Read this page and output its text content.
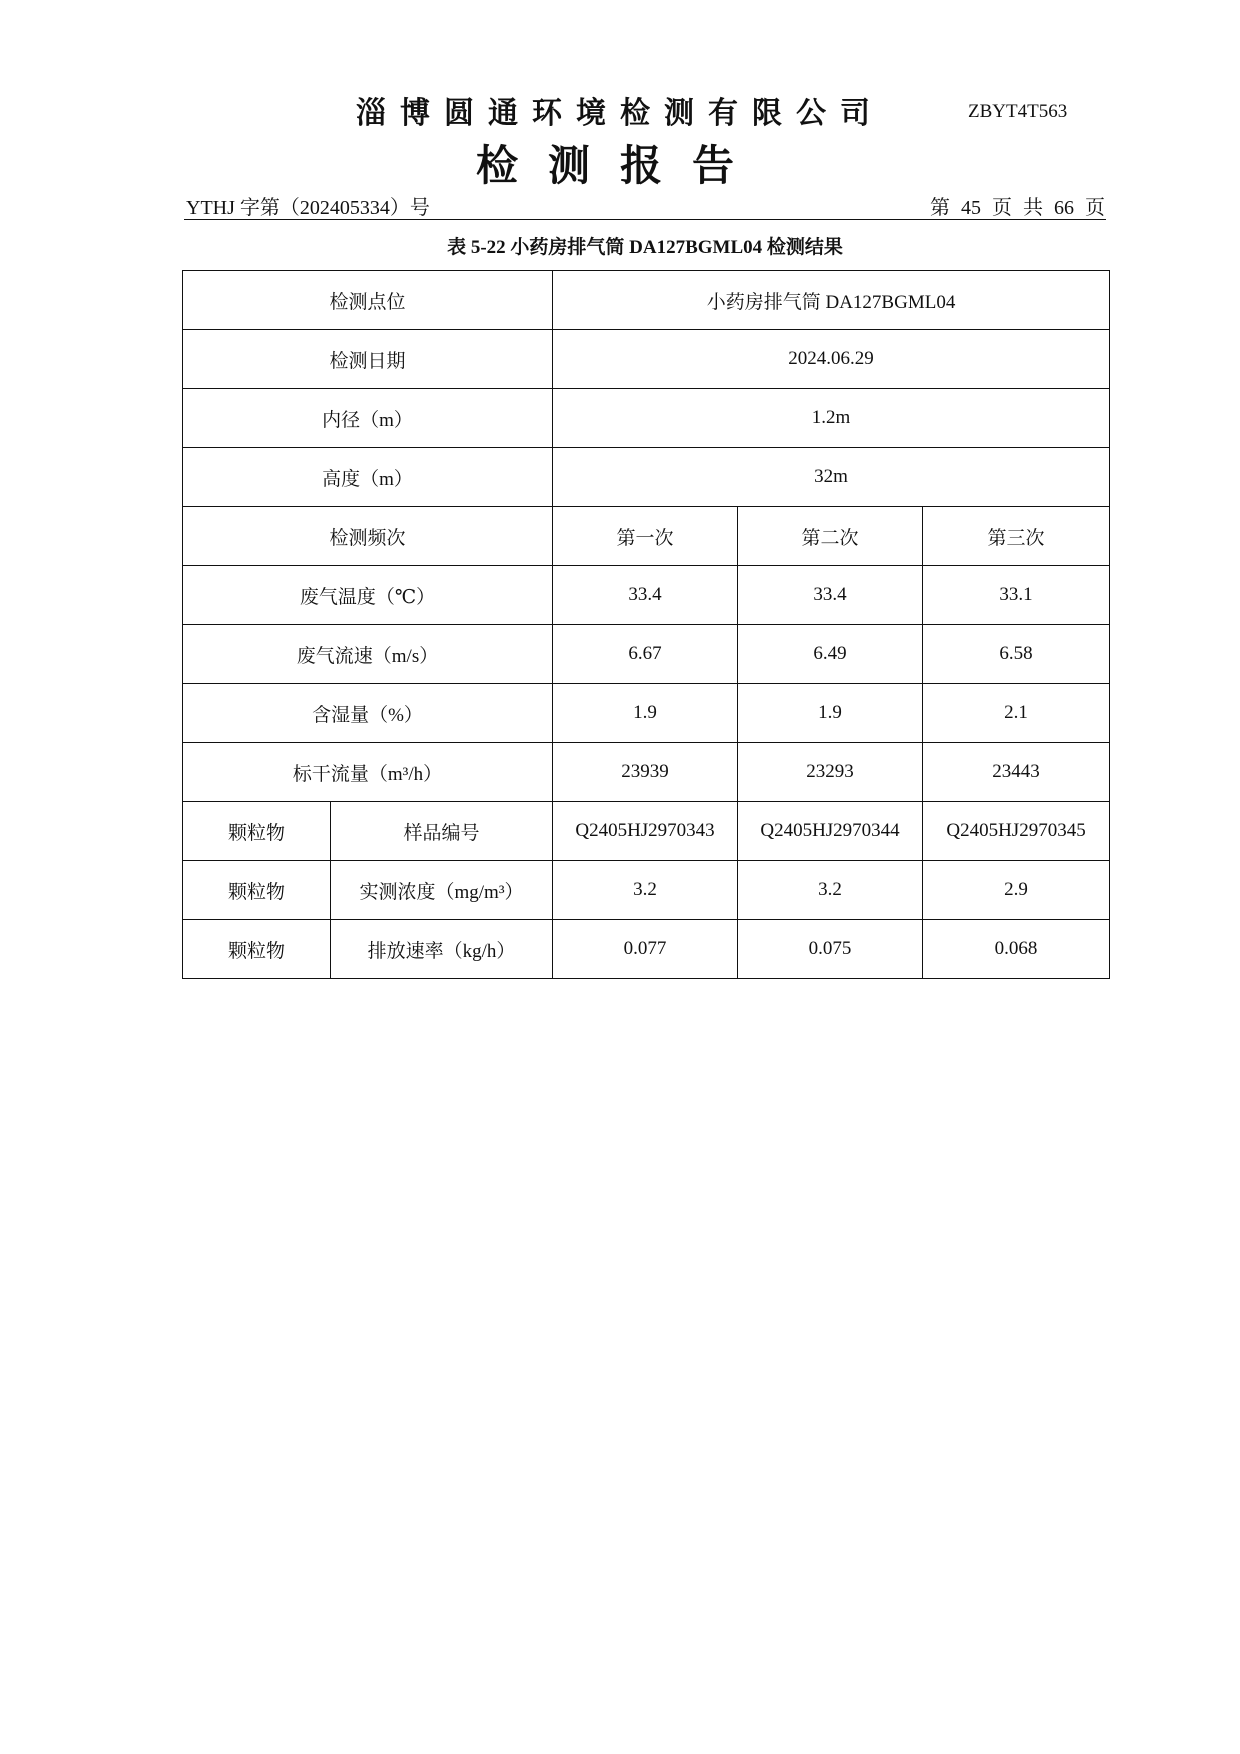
淄博圆通环境检测有限公司	ZBYT4T563
检测报告
YTHJ 字第（202405334）号	第 45 页 共 66 页
表 5-22 小药房排气筒 DA127BGML04 检测结果
检测点位		小药房排气筒 DA127BGML04		
检测日期		2024.06.29		
内径（m）		1.2m		
高度（m）		32m		
检测频次		第一次	第二次	第三次
废气温度（℃）		33.4	33.4	33.1
废气流速（m/s）		6.67	6.49	6.58
含湿量（%）		1.9	1.9	2.1
标干流量（m³/h）		23939	23293	23443
颗粒物	样品编号	Q2405HJ2970343	Q2405HJ2970344	Q2405HJ2970345
颗粒物	实测浓度（mg/m³）	3.2	3.2	2.9
颗粒物	排放速率（kg/h）	0.077	0.075	0.068
